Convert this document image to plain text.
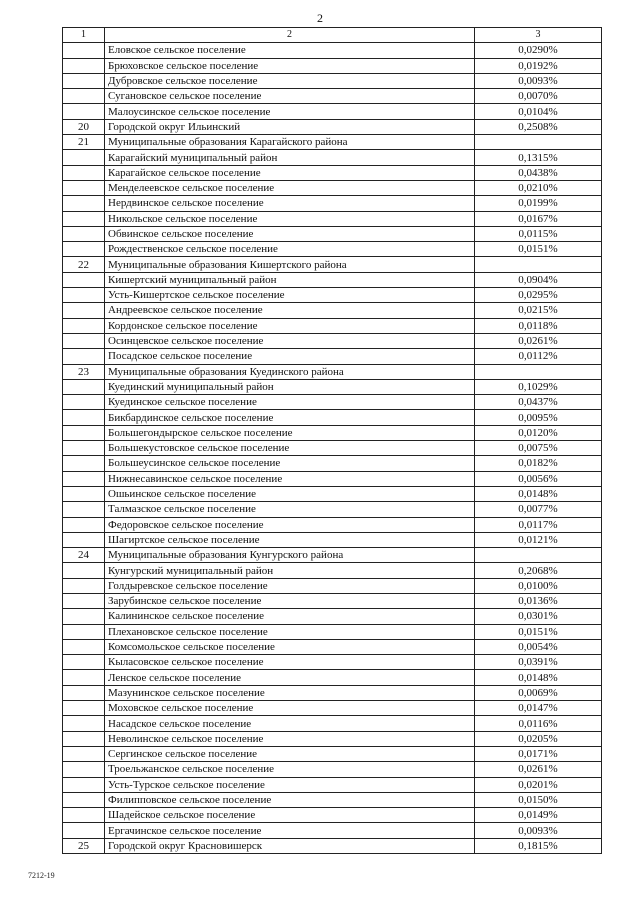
2
1	2	3
	Еловское сельское поселение	0,0290%
	Брюховское сельское поселение	0,0192%
	Дубровское сельское поселение	0,0093%
	Сугановское сельское поселение	0,0070%
	Малоусинское сельское поселение	0,0104%
20	Городской округ Ильинский	0,2508%
21	Муниципальные образования Карагайского района	
	Карагайский муниципальный район	0,1315%
	Карагайское сельское поселение	0,0438%
	Менделеевское сельское поселение	0,0210%
	Нердвинское сельское поселение	0,0199%
	Никольское сельское поселение	0,0167%
	Обвинское сельское поселение	0,0115%
	Рождественское сельское поселение	0,0151%
22	Муниципальные образования Кишертского района	
	Кишертский муниципальный район	0,0904%
	Усть-Кишертское сельское поселение	0,0295%
	Андреевское сельское поселение	0,0215%
	Кордонское сельское поселение	0,0118%
	Осинцевское сельское поселение	0,0261%
	Посадское сельское поселение	0,0112%
23	Муниципальные образования Куединского района	
	Куединский муниципальный район	0,1029%
	Куединское сельское поселение	0,0437%
	Бикбардинское сельское поселение	0,0095%
	Большегондырское сельское поселение	0,0120%
	Большекустовское сельское поселение	0,0075%
	Большеусинское сельское поселение	0,0182%
	Нижнесавинское сельское поселение	0,0056%
	Ошьинское сельское поселение	0,0148%
	Талмазское сельское поселение	0,0077%
	Федоровское сельское поселение	0,0117%
	Шагиртское сельское поселение	0,0121%
24	Муниципальные образования Кунгурского района	
	Кунгурский муниципальный район	0,2068%
	Голдыревское сельское поселение	0,0100%
	Зарубинское сельское поселение	0,0136%
	Калининское сельское поселение	0,0301%
	Плехановское сельское поселение	0,0151%
	Комсомольское сельское поселение	0,0054%
	Кыласовское сельское поселение	0,0391%
	Ленское сельское поселение	0,0148%
	Мазунинское сельское поселение	0,0069%
	Моховское сельское поселение	0,0147%
	Насадское сельское поселение	0,0116%
	Неволинское сельское поселение	0,0205%
	Сергинское сельское поселение	0,0171%
	Троельжанское сельское поселение	0,0261%
	Усть-Турское сельское поселение	0,0201%
	Филипповское сельское поселение	0,0150%
	Шадейское сельское поселение	0,0149%
	Ергачинское сельское поселение	0,0093%
25	Городской округ Красновишерск	0,1815%
7212-19
